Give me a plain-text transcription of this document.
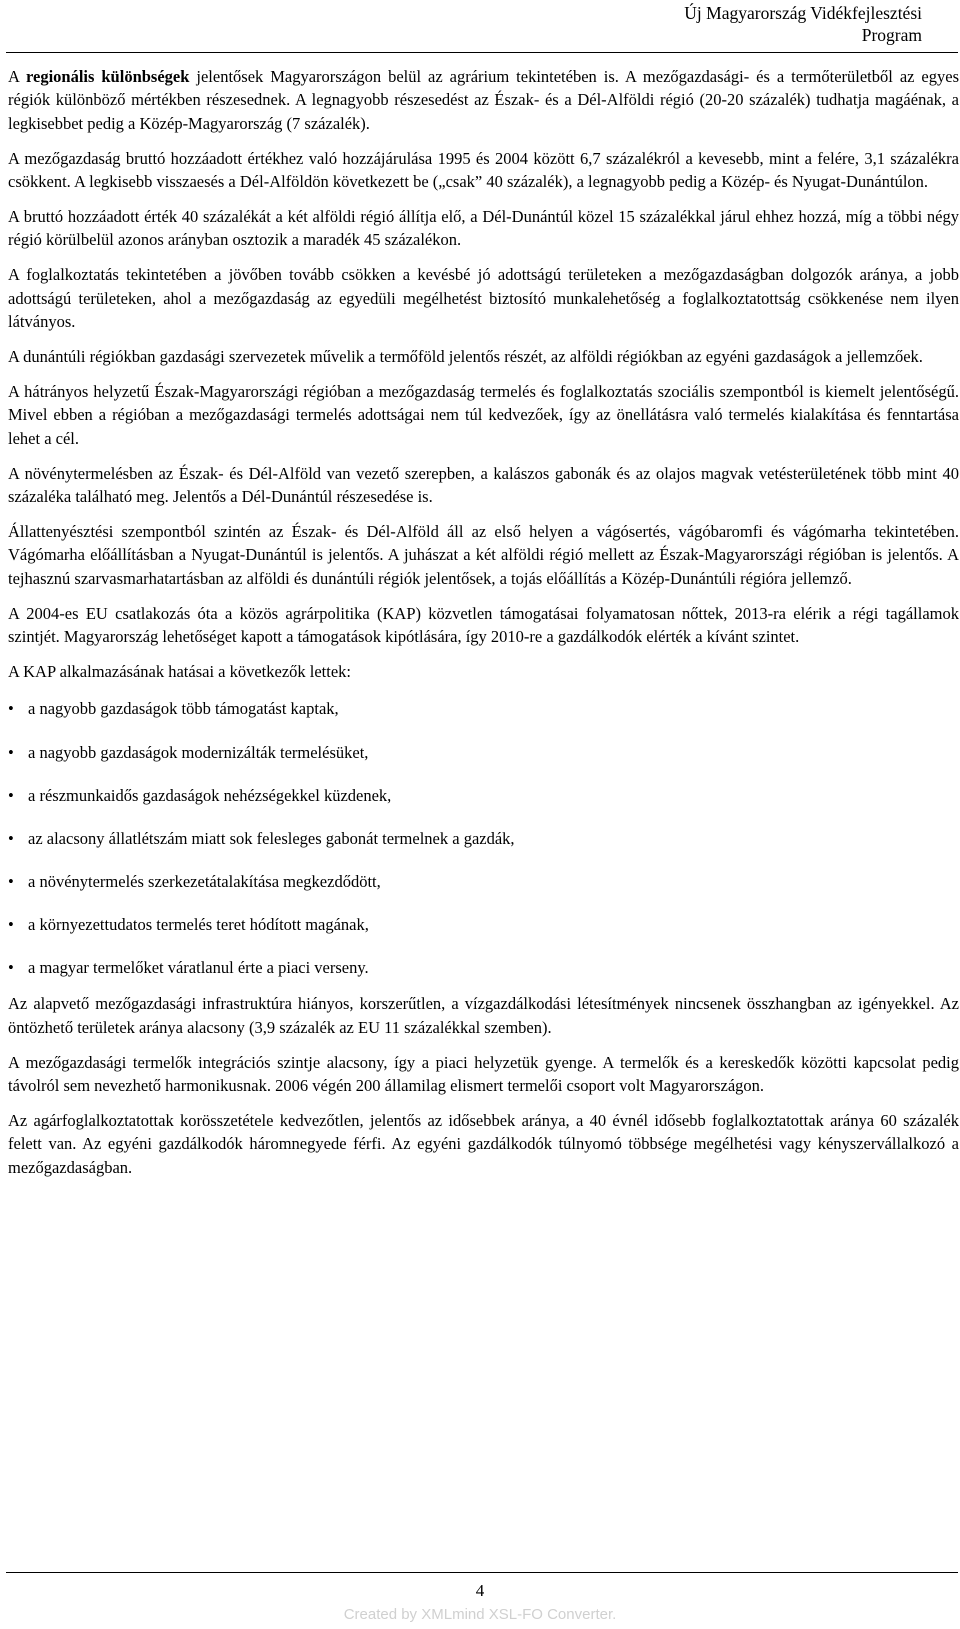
Új Magyarország Vidékfejlesztési
Program

A regionális különbségek jelentősek Magyarországon belül az agrárium tekintetében is. A mezőgazdasági- és a termőterületből az egyes régiók különböző mértékben részesednek. A legnagyobb részesedést az Észak- és a Dél-Alföldi régió (20-20 százalék) tudhatja magáénak, a legkisebbet pedig a Közép-Magyarország (7 százalék).

A mezőgazdaság bruttó hozzáadott értékhez való hozzájárulása 1995 és 2004 között 6,7 százalékról a kevesebb, mint a felére, 3,1 százalékra csökkent. A legkisebb visszaesés a Dél-Alföldön következett be („csak” 40 százalék), a legnagyobb pedig a Közép- és Nyugat-Dunántúlon.

A bruttó hozzáadott érték 40 százalékát a két alföldi régió állítja elő, a Dél-Dunántúl közel 15 százalékkal járul ehhez hozzá, míg a többi négy régió körülbelül azonos arányban osztozik a maradék 45 százalékon.

A foglalkoztatás tekintetében a jövőben tovább csökken a kevésbé jó adottságú területeken a mezőgazdaságban dolgozók aránya, a jobb adottságú területeken, ahol a mezőgazdaság az egyedüli megélhetést biztosító munkalehetőség a foglalkoztatottság csökkenése nem ilyen látványos.

A dunántúli régiókban gazdasági szervezetek művelik a termőföld jelentős részét, az alföldi régiókban az egyéni gazdaságok a jellemzőek.

A hátrányos helyzetű Észak-Magyarországi régióban a mezőgazdaság termelés és foglalkoztatás szociális szempontból is kiemelt jelentőségű. Mivel ebben a régióban a mezőgazdasági termelés adottságai nem túl kedvezőek, így az önellátásra való termelés kialakítása és fenntartása lehet a cél.

A növénytermelésben az Észak- és Dél-Alföld van vezető szerepben, a kalászos gabonák és az olajos magvak vetésterületének több mint 40 százaléka található meg. Jelentős a Dél-Dunántúl részesedése is.

Állattenyésztési szempontból szintén az Észak- és Dél-Alföld áll az első helyen a vágósertés, vágóbaromfi és vágómarha tekintetében. Vágómarha előállításban a Nyugat-Dunántúl is jelentős. A juhászat a két alföldi régió mellett az Észak-Magyarországi régióban is jelentős. A tejhasznú szarvasmarhatartásban az alföldi és dunántúli régiók jelentősek, a tojás előállítás a Közép-Dunántúli régióra jellemző.

A 2004-es EU csatlakozás óta a közös agrárpolitika (KAP) közvetlen támogatásai folyamatosan nőttek, 2013-ra elérik a régi tagállamok szintjét. Magyarország lehetőséget kapott a támogatások kipótlására, így 2010-re a gazdálkodók elérték a kívánt szintet.

A KAP alkalmazásának hatásai a következők lettek:

• a nagyobb gazdaságok több támogatást kaptak,
• a nagyobb gazdaságok modernizálták termelésüket,
• a részmunkaidős gazdaságok nehézségekkel küzdenek,
• az alacsony állatlétszám miatt sok felesleges gabonát termelnek a gazdák,
• a növénytermelés szerkezetátalakítása megkezdődött,
• a környezettudatos termelés teret hódított magának,
• a magyar termelőket váratlanul érte a piaci verseny.

Az alapvető mezőgazdasági infrastruktúra hiányos, korszerűtlen, a vízgazdálkodási létesítmények nincsenek összhangban az igényekkel. Az öntözhető területek aránya alacsony (3,9 százalék az EU 11 százalékkal szemben).

A mezőgazdasági termelők integrációs szintje alacsony, így a piaci helyzetük gyenge. A termelők és a kereskedők közötti kapcsolat pedig távolról sem nevezhető harmonikusnak. 2006 végén 200 államilag elismert termelői csoport volt Magyarországon.

Az agárfoglalkoztatottak korösszetétele kedvezőtlen, jelentős az idősebbek aránya, a 40 évnél idősebb foglalkoztatottak aránya 60 százalék felett van. Az egyéni gazdálkodók háromnegyede férfi. Az egyéni gazdálkodók túlnyomó többsége megélhetési vagy kényszervállalkozó a mezőgazdaságban.

4
Created by XMLmind XSL-FO Converter.
